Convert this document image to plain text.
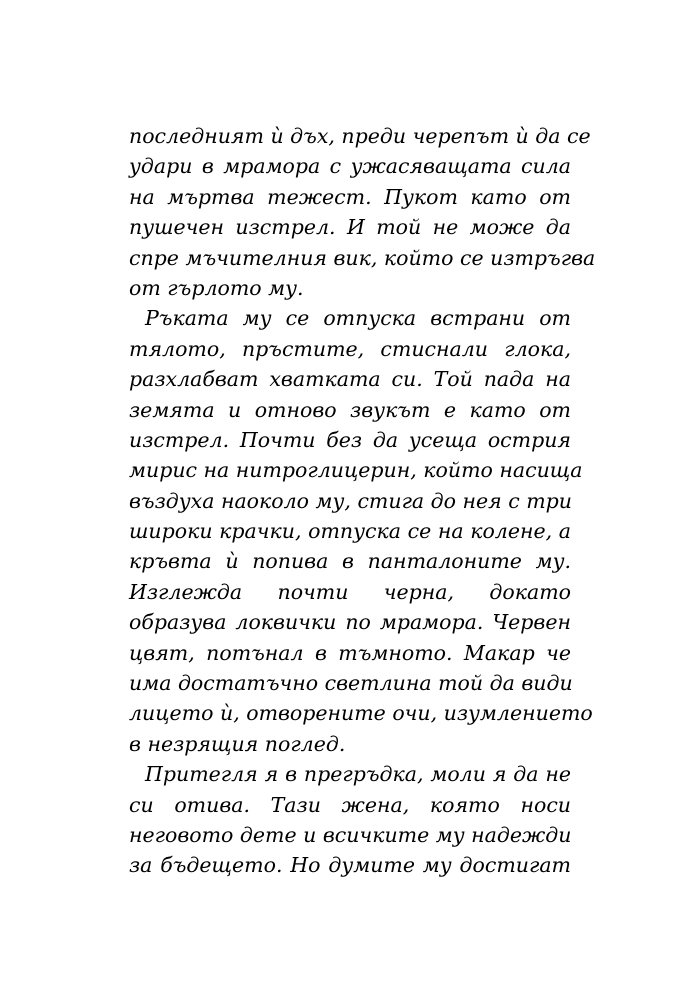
последният ѝ дъх, преди черепът ѝ да се
удари в мрамора с ужасяващата сила
на мъртва тежест. Пукот като от
пушечен изстрел. И той не може да
спре мъчителния вик, който се изтръгва
от гърлото му.
Ръката му се отпуска встрани от
тялото, пръстите, стиснали глока,
разхлабват хватката си. Той пада на
земята и отново звукът е като от
изстрел. Почти без да усеща острия
мирис на нитроглицерин, който насища
въздуха наоколо му, стига до нея с три
широки крачки, отпуска се на колене, а
кръвта ѝ попива в панталоните му.
Изглежда почти черна, докато
образува локвички по мрамора. Червен
цвят, потънал в тъмното. Макар че
има достатъчно светлина той да види
лицето ѝ, отворените очи, изумлението
в незрящия поглед.
Притегля я в прегръдка, моли я да не
си отива. Тази жена, която носи
неговото дете и всичките му надежди
за бъдещето. Но думите му достигат
